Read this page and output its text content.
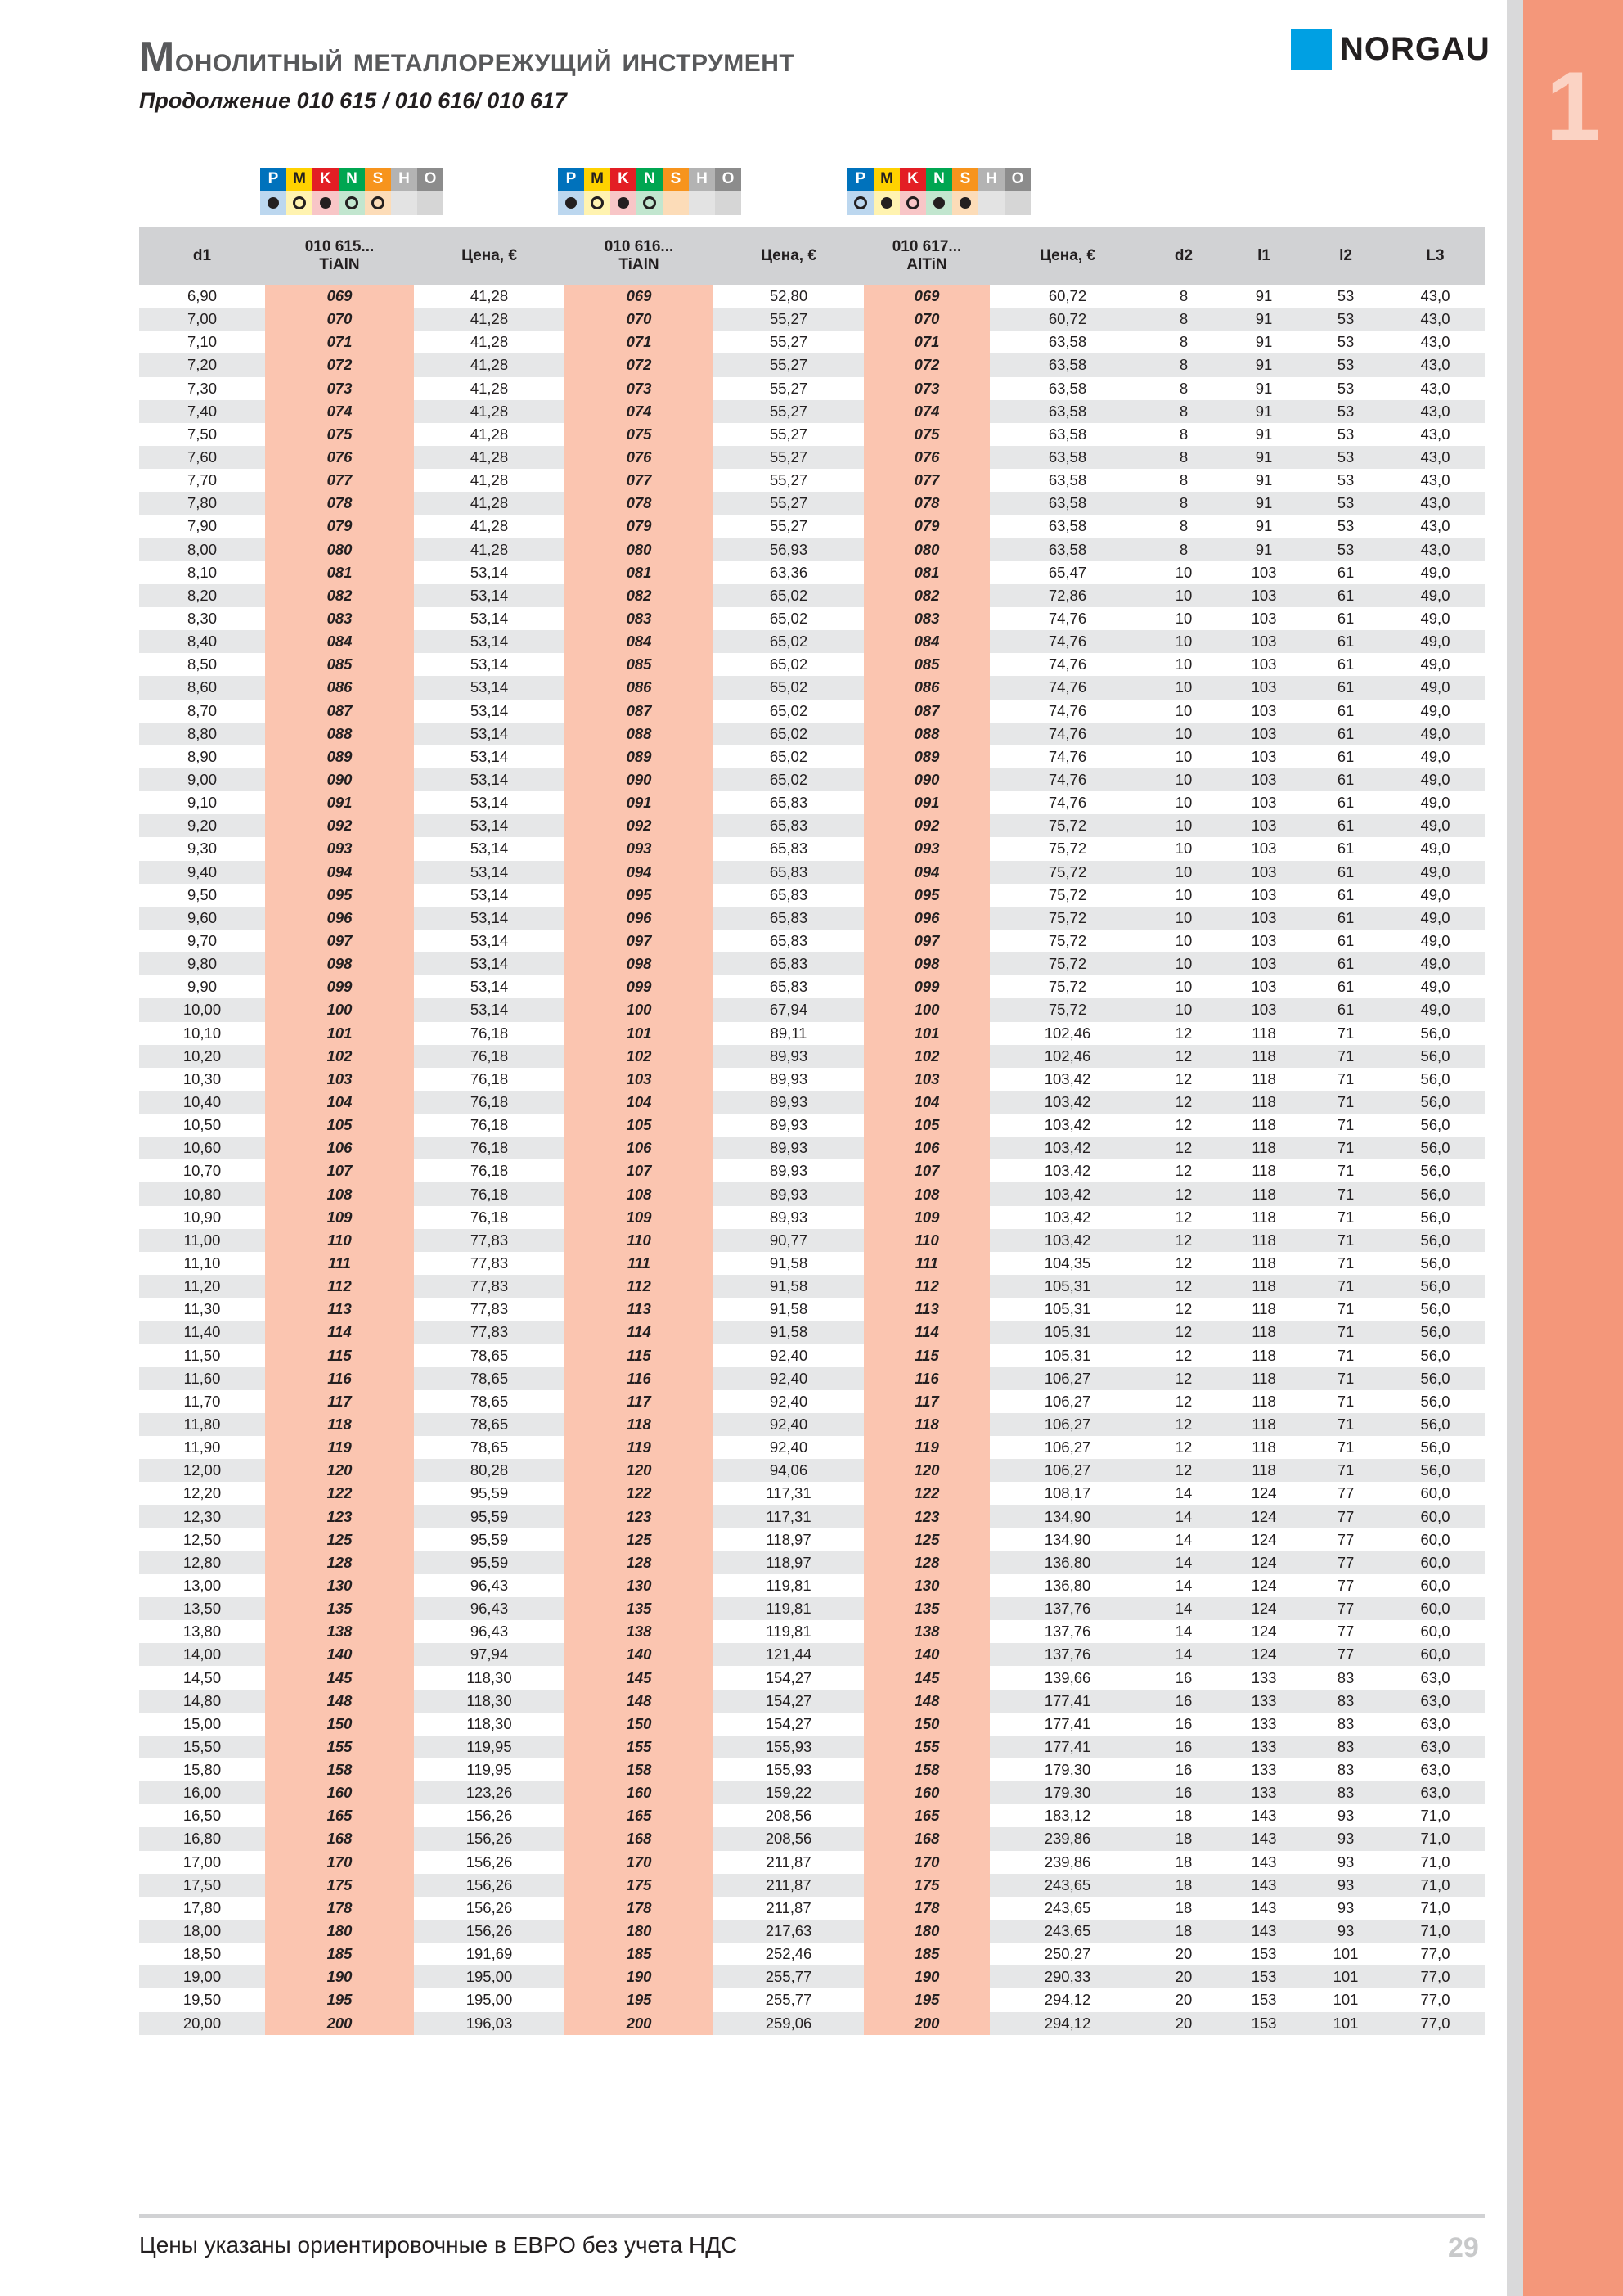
1
Монолитный металлорежущий инструмент
Продолжение 010 615 / 010 616/ 010 617
NORGAU
P M K N S H O	P M K N S H O	P M K N S H O
d1	010 615...
TiAlN	Цена, €	010 616...
TiAlN	Цена, €	010 617...
AlTiN	Цена, €	d2	l1	l2	L3
6,90	069	41,28	069	52,80	069	60,72	8	91	53	43,0
7,00	070	41,28	070	55,27	070	60,72	8	91	53	43,0
7,10	071	41,28	071	55,27	071	63,58	8	91	53	43,0
7,20	072	41,28	072	55,27	072	63,58	8	91	53	43,0
7,30	073	41,28	073	55,27	073	63,58	8	91	53	43,0
7,40	074	41,28	074	55,27	074	63,58	8	91	53	43,0
7,50	075	41,28	075	55,27	075	63,58	8	91	53	43,0
7,60	076	41,28	076	55,27	076	63,58	8	91	53	43,0
7,70	077	41,28	077	55,27	077	63,58	8	91	53	43,0
7,80	078	41,28	078	55,27	078	63,58	8	91	53	43,0
7,90	079	41,28	079	55,27	079	63,58	8	91	53	43,0
8,00	080	41,28	080	56,93	080	63,58	8	91	53	43,0
8,10	081	53,14	081	63,36	081	65,47	10	103	61	49,0
8,20	082	53,14	082	65,02	082	72,86	10	103	61	49,0
8,30	083	53,14	083	65,02	083	74,76	10	103	61	49,0
8,40	084	53,14	084	65,02	084	74,76	10	103	61	49,0
8,50	085	53,14	085	65,02	085	74,76	10	103	61	49,0
8,60	086	53,14	086	65,02	086	74,76	10	103	61	49,0
8,70	087	53,14	087	65,02	087	74,76	10	103	61	49,0
8,80	088	53,14	088	65,02	088	74,76	10	103	61	49,0
8,90	089	53,14	089	65,02	089	74,76	10	103	61	49,0
9,00	090	53,14	090	65,02	090	74,76	10	103	61	49,0
9,10	091	53,14	091	65,83	091	74,76	10	103	61	49,0
9,20	092	53,14	092	65,83	092	75,72	10	103	61	49,0
9,30	093	53,14	093	65,83	093	75,72	10	103	61	49,0
9,40	094	53,14	094	65,83	094	75,72	10	103	61	49,0
9,50	095	53,14	095	65,83	095	75,72	10	103	61	49,0
9,60	096	53,14	096	65,83	096	75,72	10	103	61	49,0
9,70	097	53,14	097	65,83	097	75,72	10	103	61	49,0
9,80	098	53,14	098	65,83	098	75,72	10	103	61	49,0
9,90	099	53,14	099	65,83	099	75,72	10	103	61	49,0
10,00	100	53,14	100	67,94	100	75,72	10	103	61	49,0
10,10	101	76,18	101	89,11	101	102,46	12	118	71	56,0
10,20	102	76,18	102	89,93	102	102,46	12	118	71	56,0
10,30	103	76,18	103	89,93	103	103,42	12	118	71	56,0
10,40	104	76,18	104	89,93	104	103,42	12	118	71	56,0
10,50	105	76,18	105	89,93	105	103,42	12	118	71	56,0
10,60	106	76,18	106	89,93	106	103,42	12	118	71	56,0
10,70	107	76,18	107	89,93	107	103,42	12	118	71	56,0
10,80	108	76,18	108	89,93	108	103,42	12	118	71	56,0
10,90	109	76,18	109	89,93	109	103,42	12	118	71	56,0
11,00	110	77,83	110	90,77	110	103,42	12	118	71	56,0
11,10	111	77,83	111	91,58	111	104,35	12	118	71	56,0
11,20	112	77,83	112	91,58	112	105,31	12	118	71	56,0
11,30	113	77,83	113	91,58	113	105,31	12	118	71	56,0
11,40	114	77,83	114	91,58	114	105,31	12	118	71	56,0
11,50	115	78,65	115	92,40	115	105,31	12	118	71	56,0
11,60	116	78,65	116	92,40	116	106,27	12	118	71	56,0
11,70	117	78,65	117	92,40	117	106,27	12	118	71	56,0
11,80	118	78,65	118	92,40	118	106,27	12	118	71	56,0
11,90	119	78,65	119	92,40	119	106,27	12	118	71	56,0
12,00	120	80,28	120	94,06	120	106,27	12	118	71	56,0
12,20	122	95,59	122	117,31	122	108,17	14	124	77	60,0
12,30	123	95,59	123	117,31	123	134,90	14	124	77	60,0
12,50	125	95,59	125	118,97	125	134,90	14	124	77	60,0
12,80	128	95,59	128	118,97	128	136,80	14	124	77	60,0
13,00	130	96,43	130	119,81	130	136,80	14	124	77	60,0
13,50	135	96,43	135	119,81	135	137,76	14	124	77	60,0
13,80	138	96,43	138	119,81	138	137,76	14	124	77	60,0
14,00	140	97,94	140	121,44	140	137,76	14	124	77	60,0
14,50	145	118,30	145	154,27	145	139,66	16	133	83	63,0
14,80	148	118,30	148	154,27	148	177,41	16	133	83	63,0
15,00	150	118,30	150	154,27	150	177,41	16	133	83	63,0
15,50	155	119,95	155	155,93	155	177,41	16	133	83	63,0
15,80	158	119,95	158	155,93	158	179,30	16	133	83	63,0
16,00	160	123,26	160	159,22	160	179,30	16	133	83	63,0
16,50	165	156,26	165	208,56	165	183,12	18	143	93	71,0
16,80	168	156,26	168	208,56	168	239,86	18	143	93	71,0
17,00	170	156,26	170	211,87	170	239,86	18	143	93	71,0
17,50	175	156,26	175	211,87	175	243,65	18	143	93	71,0
17,80	178	156,26	178	211,87	178	243,65	18	143	93	71,0
18,00	180	156,26	180	217,63	180	243,65	18	143	93	71,0
18,50	185	191,69	185	252,46	185	250,27	20	153	101	77,0
19,00	190	195,00	190	255,77	190	290,33	20	153	101	77,0
19,50	195	195,00	195	255,77	195	294,12	20	153	101	77,0
20,00	200	196,03	200	259,06	200	294,12	20	153	101	77,0
Цены указаны ориентировочные в ЕВРО без учета НДС	29
